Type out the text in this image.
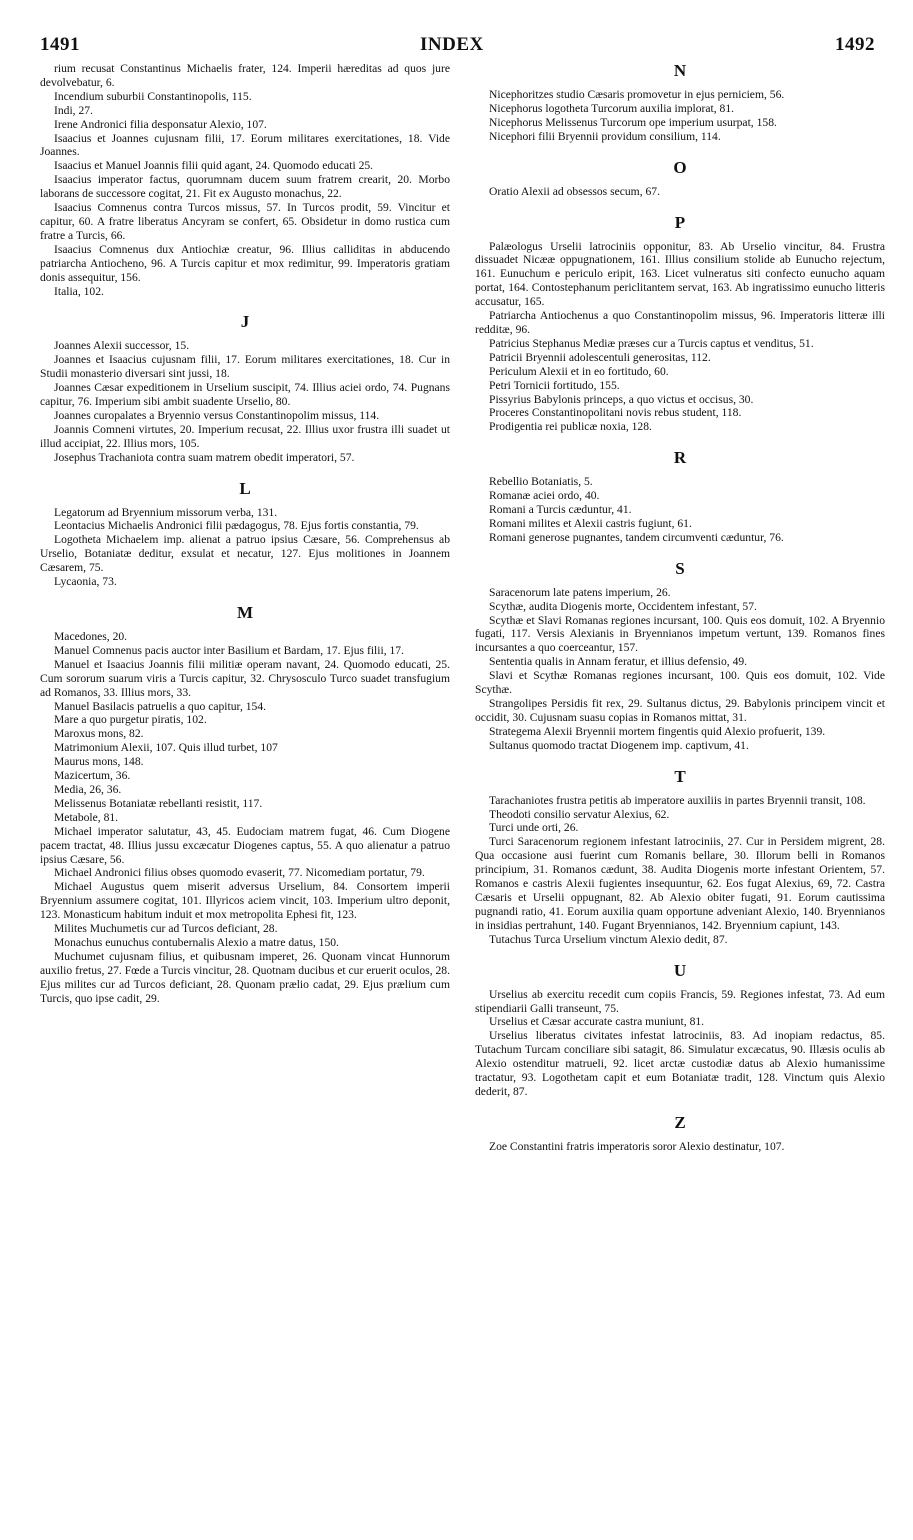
1491	INDEX	1492

rium recusat Constantinus Michaelis frater, 124. Imperii hæreditas ad quos jure devolvebatur, 6.

Incendium suburbii Constantinopolis, 115.

Indi, 27.

Irene Andronici filia desponsatur Alexio, 107.

Isaacius et Joannes cujusnam filii, 17. Eorum militares exercitationes, 18. Vide Joannes.

Isaacius et Manuel Joannis filii quid agant, 24. Quomodo educati 25.

Isaacius imperator factus, quorumnam ducem suum fratrem crearit, 20. Morbo laborans de successore cogitat, 21. Fit ex Augusto monachus, 22.

Isaacius Comnenus contra Turcos missus, 57. In Turcos prodit, 59. Vincitur et capitur, 60. A fratre liberatus Ancyram se confert, 65. Obsidetur in domo rustica cum fratre a Turcis, 66.

Isaacius Comnenus dux Antiochiæ creatur, 96. Illius calliditas in abducendo patriarcha Antiocheno, 96. A Turcis capitur et mox redimitur, 99. Imperatoris gratiam donis assequitur, 156.

Italia, 102.

J

Joannes Alexii successor, 15.

Joannes et Isaacius cujusnam filii, 17. Eorum militares exercitationes, 18. Cur in Studii monasterio diversari sint jussi, 18.

Joannes Cæsar expeditionem in Urselium suscipit, 74. Illius aciei ordo, 74. Pugnans capitur, 76. Imperium sibi ambit suadente Urselio, 80.

Joannes curopalates a Bryennio versus Constantinopolim missus, 114.

Joannis Comneni virtutes, 20. Imperium recusat, 22. Illius uxor frustra illi suadet ut illud accipiat, 22. Illius mors, 105.

Josephus Trachaniota contra suam matrem obedit imperatori, 57.

L

Legatorum ad Bryennium missorum verba, 131.

Leontacius Michaelis Andronici filii pædagogus, 78. Ejus fortis constantia, 79.

Logotheta Michaelem imp. alienat a patruo ipsius Cæsare, 56. Comprehensus ab Urselio, Botaniatæ deditur, exsulat et necatur, 127. Ejus molitiones in Joannem Cæsarem, 75.

Lycaonia, 73.

M

Macedones, 20.

Manuel Comnenus pacis auctor inter Basilium et Bardam, 17. Ejus filii, 17.

Manuel et Isaacius Joannis filii militiæ operam navant, 24. Quomodo educati, 25. Cum sororum suarum viris a Turcis capitur, 32. Chrysosculo Turco suadet transfugium ad Romanos, 33. Illius mors, 33.

Manuel Basilacis patruelis a quo capitur, 154.

Mare a quo purgetur piratis, 102.

Maroxus mons, 82.

Matrimonium Alexii, 107. Quis illud turbet, 107

Maurus mons, 148.

Mazicertum, 36.

Media, 26, 36.

Melissenus Botaniatæ rebellanti resistit, 117.

Metabole, 81.

Michael imperator salutatur, 43, 45. Eudociam matrem fugat, 46. Cum Diogene pacem tractat, 48. Illius jussu excæcatur Diogenes captus, 55. A quo alienatur a patruo ipsius Cæsare, 56.

Michael Andronici filius obses quomodo evaserit, 77. Nicomediam portatur, 79.

Michael Augustus quem miserit adversus Urselium, 84. Consortem imperii Bryennium assumere cogitat, 101. Illyricos aciem vincit, 103. Imperium ultro deponit, 123. Monasticum habitum induit et mox metropolita Ephesi fit, 123.

Milites Muchumetis cur ad Turcos deficiant, 28.

Monachus eunuchus contubernalis Alexio a matre datus, 150.

Muchumet cujusnam filius, et quibusnam imperet, 26. Quonam vincat Hunnorum auxilio fretus, 27. Fœde a Turcis vincitur, 28. Quotnam ducibus et cur eruerit oculos, 28. Ejus milites cur ad Turcos deficiant, 28. Quonam prælio cadat, 29. Ejus prælium cum Turcis, quo ipse cadit, 29.

N

Nicephoritzes studio Cæsaris promovetur in ejus perniciem, 56.

Nicephorus logotheta Turcorum auxilia implorat, 81.

Nicephorus Melissenus Turcorum ope imperium usurpat, 158.

Nicephori filii Bryennii providum consilium, 114.

O

Oratio Alexii ad obsessos secum, 67.

P

Palæologus Urselii latrociniis opponitur, 83. Ab Urselio vincitur, 84. Frustra dissuadet Nicææ oppugnationem, 161. Illius consilium stolide ab Eunucho rejectum, 161. Eunuchum e periculo eripit, 163. Licet vulneratus siti confecto eunucho aquam portat, 164. Contostephanum periclitantem servat, 163. Ab ingratissimo eunucho litteris accusatur, 165.

Patriarcha Antiochenus a quo Constantinopolim missus, 96. Imperatoris litteræ illi redditæ, 96.

Patricius Stephanus Mediæ præses cur a Turcis captus et venditus, 51.

Patricii Bryennii adolescentuli generositas, 112.

Periculum Alexii et in eo fortitudo, 60.

Petri Tornicii fortitudo, 155.

Pissyrius Babylonis princeps, a quo victus et occisus, 30.

Proceres Constantinopolitani novis rebus student, 118.

Prodigentia rei publicæ noxia, 128.

R

Rebellio Botaniatis, 5.

Romanæ aciei ordo, 40.

Romani a Turcis cæduntur, 41.

Romani milites et Alexii castris fugiunt, 61.

Romani generose pugnantes, tandem circumventi cæduntur, 76.

S

Saracenorum late patens imperium, 26.

Scythæ, audita Diogenis morte, Occidentem infestant, 57.

Scythæ et Slavi Romanas regiones incursant, 100. Quis eos domuit, 102. A Bryennio fugati, 117. Versis Alexianis in Bryennianos impetum vertunt, 139. Romanos fines incursantes a quo coerceantur, 157.

Sententia qualis in Annam feratur, et illius defensio, 49.

Slavi et Scythæ Romanas regiones incursant, 100. Quis eos domuit, 102. Vide Scythæ.

Strangolipes Persidis fit rex, 29. Sultanus dictus, 29. Babylonis principem vincit et occidit, 30. Cujusnam suasu copias in Romanos mittat, 31.

Strategema Alexii Bryennii mortem fingentis quid Alexio profuerit, 139.

Sultanus quomodo tractat Diogenem imp. captivum, 41.

T

Tarachaniotes frustra petitis ab imperatore auxiliis in partes Bryennii transit, 108.

Theodoti consilio servatur Alexius, 62.

Turci unde orti, 26.

Turci Saracenorum regionem infestant latrociniis, 27. Cur in Persidem migrent, 28. Qua occasione ausi fuerint cum Romanis bellare, 30. Illorum belli in Romanos principium, 31. Romanos cædunt, 38. Audita Diogenis morte infestant Orientem, 57. Romanos e castris Alexii fugientes insequuntur, 62. Eos fugat Alexius, 69, 72. Castra Cæsaris et Urselii oppugnant, 82. Ab Alexio obiter fugati, 91. Eorum cautissima pugnandi ratio, 41. Eorum auxilia quam opportune adveniant Alexio, 140. Bryennianos in insidias pertrahunt, 140. Fugant Bryennianos, 142. Bryennium capiunt, 143.

Tutachus Turca Urselium vinctum Alexio dedit, 87.

U

Urselius ab exercitu recedit cum copiis Francis, 59. Regiones infestat, 73. Ad eum stipendiarii Galli transeunt, 75.

Urselius et Cæsar accurate castra muniunt, 81.

Urselius liberatus civitates infestat latrociniis, 83. Ad inopiam redactus, 85. Tutachum Turcam conciliare sibi satagit, 86. Simulatur excæcatus, 90. Illæsis oculis ab Alexio ostenditur matrueli, 92. licet arctæ custodiæ datus ab Alexio humanissime tractatur, 93. Logothetam capit et eum Botaniatæ tradit, 128. Vinctum quis Alexio dederit, 87.

Z

Zoe Constantini fratris imperatoris soror Alexio destinatur, 107.
